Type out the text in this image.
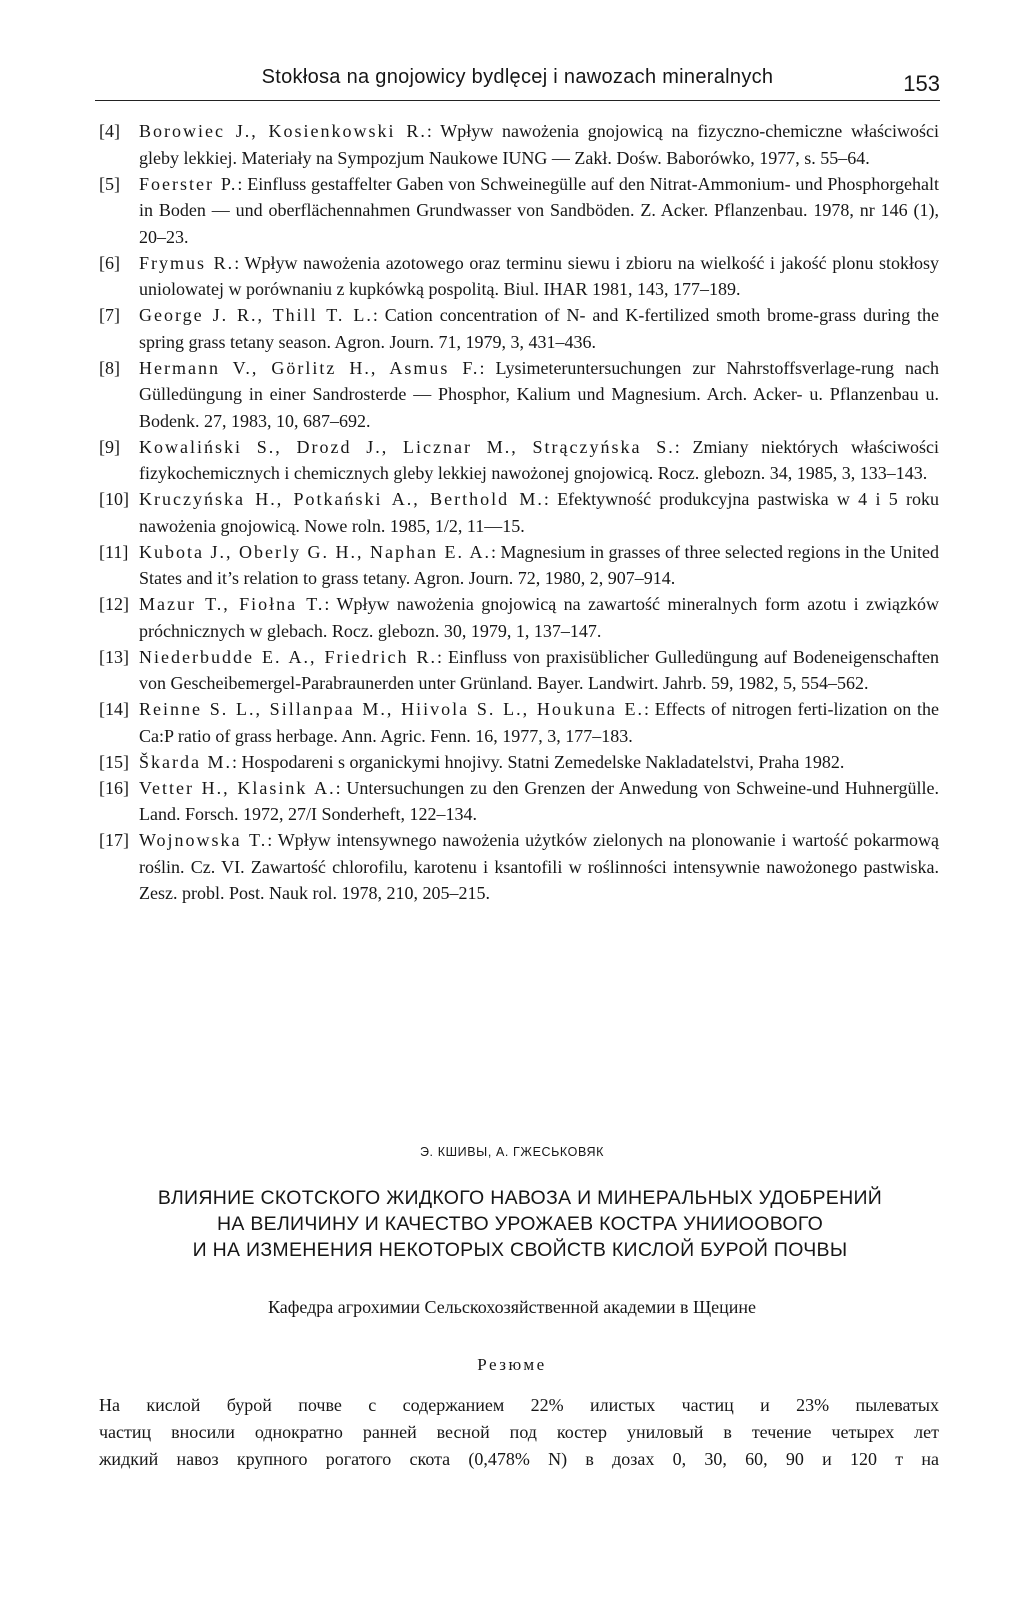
Stokłosa na gnojowicy bydlęcej i nawozach mineralnych	153
[4] Borowiec J., Kosienkowski R.: Wpływ nawożenia gnojowicą na fizyczno-chemiczne właściwości gleby lekkiej. Materiały na Sympozjum Naukowe IUNG — Zakł. Dośw. Baborówko, 1977, s. 55–64.
[5] Foerster P.: Einfluss gestaffelter Gaben von Schweinegülle auf den Nitrat-Ammonium- und Phosphorgehalt in Boden — und oberflächennahmen Grundwasser von Sandböden. Z. Acker. Pflanzenbau. 1978, nr 146 (1), 20–23.
[6] Frymus R.: Wpływ nawożenia azotowego oraz terminu siewu i zbioru na wielkość i jakość plonu stokłosy uniolowatej w porównaniu z kupkówką pospolitą. Biul. IHAR 1981, 143, 177–189.
[7] George J. R., Thill T. L.: Cation concentration of N- and K-fertilized smoth brome-grass during the spring grass tetany season. Agron. Journ. 71, 1979, 3, 431–436.
[8] Hermann V., Görlitz H., Asmus F.: Lysimeteruntersuchungen zur Nahrstoffsverlage-rung nach Gülledüngung in einer Sandrosterde — Phosphor, Kalium und Magnesium. Arch. Acker- u. Pflanzenbau u. Bodenk. 27, 1983, 10, 687–692.
[9] Kowaliński S., Drozd J., Licznar M., Strączyńska S.: Zmiany niektórych właściwości fizykochemicznych i chemicznych gleby lekkiej nawożonej gnojowicą. Rocz. glebozn. 34, 1985, 3, 133–143.
[10] Kruczyńska H., Potkański A., Berthold M.: Efektywność produkcyjna pastwiska w 4 i 5 roku nawożenia gnojowicą. Nowe roln. 1985, 1/2, 11—15.
[11] Kubota J., Oberly G. H., Naphan E. A.: Magnesium in grasses of three selected regions in the United States and it’s relation to grass tetany. Agron. Journ. 72, 1980, 2, 907–914.
[12] Mazur T., Fiołna T.: Wpływ nawożenia gnojowicą na zawartość mineralnych form azotu i związków próchnicznych w glebach. Rocz. glebozn. 30, 1979, 1, 137–147.
[13] Niederbudde E. A., Friedrich R.: Einfluss von praxisüblicher Gulledüngung auf Bodeneigenschaften von Gescheibemergel-Parabraunerden unter Grünland. Bayer. Landwirt. Jahrb. 59, 1982, 5, 554–562.
[14] Reinne S. L., Sillanpaa M., Hiivola S. L., Houkuna E.: Effects of nitrogen ferti-lization on the Ca:P ratio of grass herbage. Ann. Agric. Fenn. 16, 1977, 3, 177–183.
[15] Škarda M.: Hospodareni s organickymi hnojivy. Statni Zemedelske Nakladatelstvi, Praha 1982.
[16] Vetter H., Klasink A.: Untersuchungen zu den Grenzen der Anwedung von Schweine-und Huhnergülle. Land. Forsch. 1972, 27/I Sonderheft, 122–134.
[17] Wojnowska T.: Wpływ intensywnego nawożenia użytków zielonych na plonowanie i wartość pokarmową roślin. Cz. VI. Zawartość chlorofilu, karotenu i ksantofili w roślinności intensywnie nawożonego pastwiska. Zesz. probl. Post. Nauk rol. 1978, 210, 205–215.
Э. КШИВЫ, А. ГЖЕСЬКОВЯК
ВЛИЯНИЕ СКОТСКОГО ЖИДКОГО НАВОЗА И МИНЕРАЛЬНЫХ УДОБРЕНИЙ
НА ВЕЛИЧИНУ И КАЧЕСТВО УРОЖАЕВ КОСТРА УНИИООВОГО
И НА ИЗМЕНЕНИЯ НЕКОТОРЫХ СВОЙСТВ КИСЛОЙ БУРОЙ ПОЧВЫ
Кафедра агрохимии Сельскохозяйственной академии в Щецине
Резюме
На кислой бурой почве с содержанием 22% илистых частиц и 23% пылеватых
частиц вносили однократно ранней весной под костер униловый в течение четырех лет
жидкий навоз крупного рогатого скота (0,478% N) в дозах 0, 30, 60, 90 и 120 т на
